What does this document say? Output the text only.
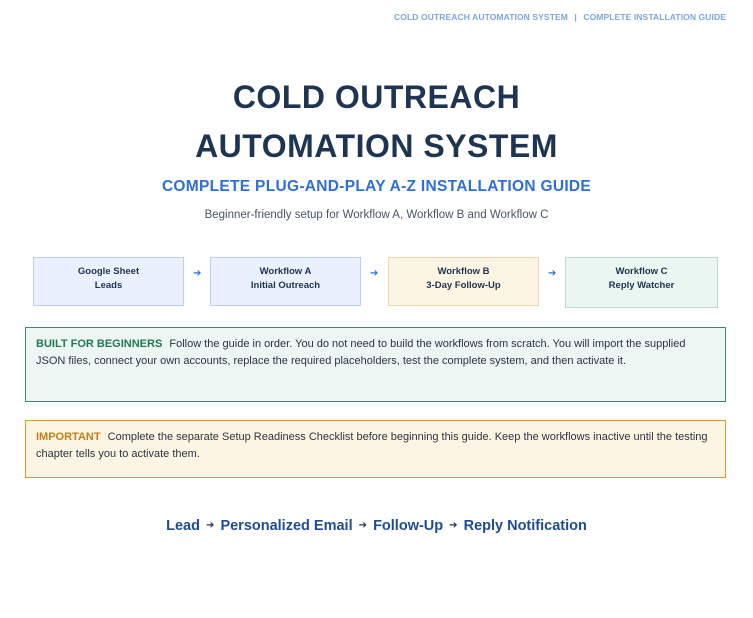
COLD OUTREACH AUTOMATION SYSTEM | COMPLETE INSTALLATION GUIDE
COLD OUTREACH
AUTOMATION SYSTEM
COMPLETE PLUG-AND-PLAY A-Z INSTALLATION GUIDE
Beginner-friendly setup for Workflow A, Workflow B and Workflow C
Google Sheet
Leads
➔	Workflow A
Initial Outreach
➔	Workflow B
3-Day Follow-Up
➔	Workflow C
Reply Watcher
BUILT FOR BEGINNERS Follow the guide in order. You do not need to build the workflows from scratch. You will import the supplied JSON files, connect your own accounts, replace the required placeholders, test the complete system, and then activate it.
IMPORTANT Complete the separate Setup Readiness Checklist before beginning this guide. Keep the workflows inactive until the testing chapter tells you to activate them.
Lead ➔ Personalized Email ➔ Follow-Up ➔ Reply Notification
